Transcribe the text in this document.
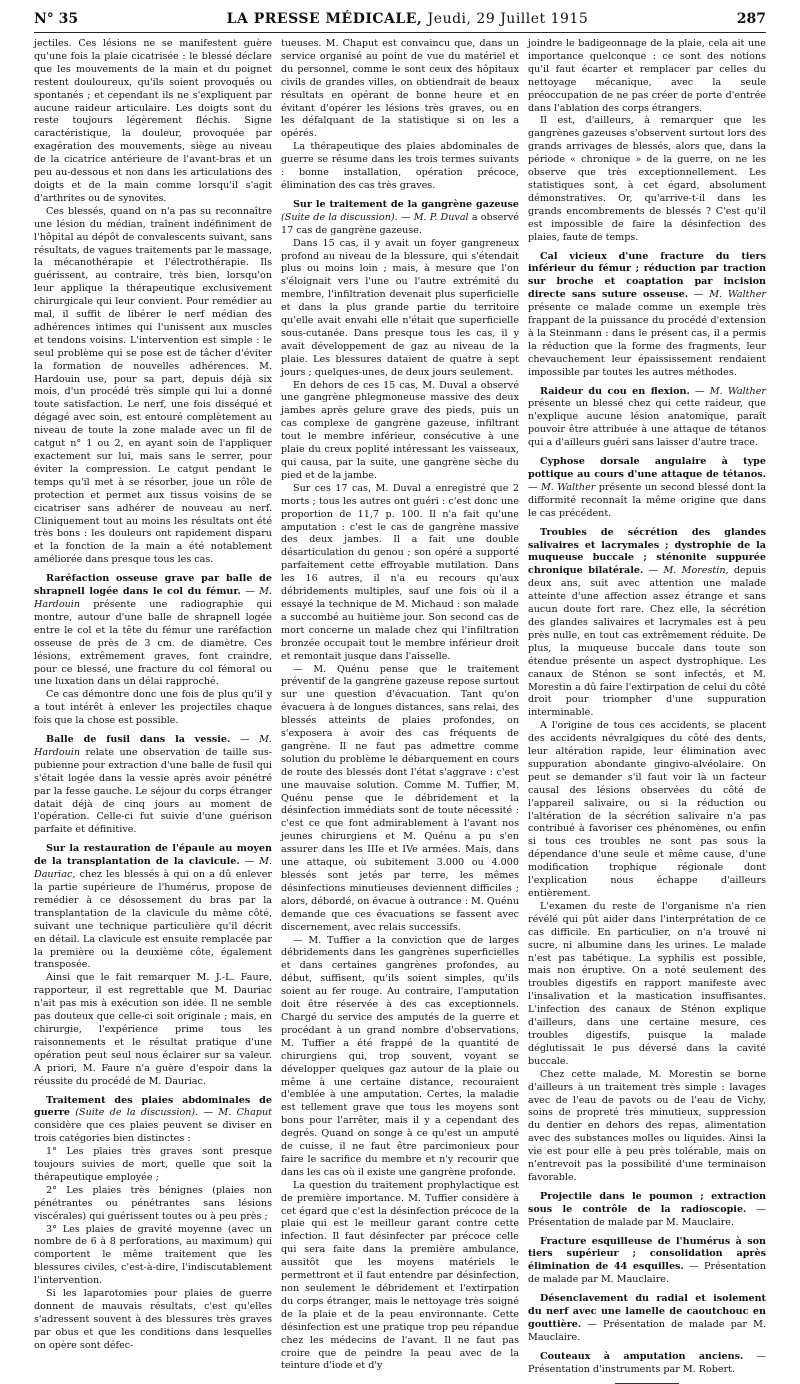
N° 35	LA PRESSE MÉDICALE, Jeudi, 29 Juillet 1915	287

jectiles. Ces lésions ne se manifestent guère qu'une fois la plaie cicatrisée : le blessé déclare que les mouvements de la main et du poignet restent douloureux, qu'ils soient provoqués ou spontanés ; et cependant ils ne s'expliquent par aucune raideur articulaire. Les doigts sont du reste toujours légèrement fléchis. Signe caractéristique, la douleur, provoquée par exagération des mouvements, siège au niveau de la cicatrice antérieure de l'avant-bras et un peu au-dessous et non dans les articulations des doigts et de la main comme lorsqu'il s'agit d'arthrites ou de synovites.

Ces blessés, quand on n'a pas su reconnaître une lésion du médian, traînent indéfiniment de l'hôpital au dépôt de convalescents suivant, sans résultats, de vagues traitements par le massage, la mécanothérapie et l'électrothérapie. Ils guérissent, au contraire, très bien, lorsqu'on leur applique la thérapeutique exclusivement chirurgicale qui leur convient. Pour remédier au mal, il suffit de libérer le nerf médian des adhérences intimes qui l'unissent aux muscles et tendons voisins. L'intervention est simple : le seul problème qui se pose est de tâcher d'éviter la formation de nouvelles adhérences. M. Hardouin use, pour sa part, depuis déjà six mois, d'un procédé très simple qui lui a donné toute satisfaction. Le nerf, une fois disséqué et dégagé avec soin, est entouré complètement au niveau de toute la zone malade avec un fil de catgut n° 1 ou 2, en ayant soin de l'appliquer exactement sur lui, mais sans le serrer, pour éviter la compression. Le catgut pendant le temps qu'il met à se résorber, joue un rôle de protection et permet aux tissus voisins de se cicatriser sans adhérer de nouveau au nerf. Cliniquement tout au moins les résultats ont été très bons : les douleurs ont rapidement disparu et la fonction de la main a été notablement améliorée dans presque tous les cas.

Raréfaction osseuse grave par balle de shrapnell logée dans le col du fémur. — M. Hardouin présente une radiographie qui montre, autour d'une balle de shrapnell logée entre le col et la tête du fémur une raréfaction osseuse de près de 3 cm. de diamètre. Ces lésions, extrêmement graves, font craindre, pour ce blessé, une fracture du col fémoral ou une luxation dans un délai rapproché.

Ce cas démontre donc une fois de plus qu'il y a tout intérêt à enlever les projectiles chaque fois que la chose est possible.

Balle de fusil dans la vessie. — M. Hardouin relate une observation de taille sus-pubienne pour extraction d'une balle de fusil qui s'était logée dans la vessie après avoir pénétré par la fesse gauche. Le séjour du corps étranger datait déjà de cinq jours au moment de l'opération. Celle-ci fut suivie d'une guérison parfaite et définitive.

Sur la restauration de l'épaule au moyen de la transplantation de la clavicule. — M. Dauriac, chez les blessés à qui on a dû enlever la partie supérieure de l'humérus, propose de remédier à ce désossement du bras par la transplantation de la clavicule du même côté, suivant une technique particulière qu'il décrit en détail. La clavicule est ensuite remplacée par la première ou la deuxième côte, également transposée.

Ainsi que le fait remarquer M. J.-L. Faure, rapporteur, il est regrettable que M. Dauriac n'ait pas mis à exécution son idée. Il ne semble pas douteux que celle-ci soit originale ; mais, en chirurgie, l'expérience prime tous les raisonnements et le résultat pratique d'une opération peut seul nous éclairer sur sa valeur. A priori, M. Faure n'a guère d'espoir dans la réussite du procédé de M. Dauriac.

Traitement des plaies abdominales de guerre (Suite de la discussion). — M. Chaput considère que ces plaies peuvent se diviser en trois catégories bien distinctes :

1° Les plaies très graves sont presque toujours suivies de mort, quelle que soit la thérapeutique employée ;

2° Les plaies très bénignes (plaies non pénétrantes ou pénétrantes sans lésions viscérales) qui guérissent toutes ou à peu près ;

3° Les plaies de gravité moyenne (avec un nombre de 6 à 8 perforations, au maximum) qui comportent le même traitement que les blessures civiles, c'est-à-dire, l'indiscutablement l'intervention.

Si les laparotomies pour plaies de guerre donnent de mauvais résultats, c'est qu'elles s'adressent souvent à des blessures très graves par obus et que les conditions dans lesquelles on opère sont défec-

tueuses. M. Chaput est convaincu que, dans un service organisé au point de vue du matériel et du personnel, comme le sont ceux des hôpitaux civils de grandes villes, on obtiendrait de beaux résultats en opérant de bonne heure et en évitant d'opérer les lésions très graves, ou en les défalquant de la statistique si on les a opérés.

La thérapeutique des plaies abdominales de guerre se résume dans les trois termes suivants : bonne installation, opération précoce, élimination des cas très graves.

Sur le traitement de la gangrène gazeuse (Suite de la discussion). — M. P. Duval a observé 17 cas de gangrène gazeuse.

Dans 15 cas, il y avait un foyer gangreneux profond au niveau de la blessure, qui s'étendait plus ou moins loin ; mais, à mesure que l'on s'éloignait vers l'une ou l'autre extrémité du membre, l'infiltration devenait plus superficielle et dans la plus grande partie du territoire qu'elle avait envahi elle n'était que superficielle sous-cutanée. Dans presque tous les cas, il y avait développement de gaz au niveau de la plaie. Les blessures dataient de quatre à sept jours ; quelques-unes, de deux jours seulement.

En dehors de ces 15 cas, M. Duval a observé une gangrène phlegmoneuse massive des deux jambes après gelure grave des pieds, puis un cas complexe de gangrène gazeuse, infiltrant tout le membre inférieur, consécutive à une plaie du creux poplité intéressant les vaisseaux, qui causa, par la suite, une gangrène sèche du pied et de la jambe.

Sur ces 17 cas, M. Duval a enregistré que 2 morts ; tous les autres ont guéri : c'est donc une proportion de 11,7 p. 100. Il n'a fait qu'une amputation : c'est le cas de gangrène massive des deux jambes. Il a fait une double désarticulation du genou ; son opéré a supporté parfaitement cette effroyable mutilation. Dans les 16 autres, il n'a eu recours qu'aux débridements multiples, sauf une fois où il a essayé la technique de M. Michaud : son malade a succombé au huitième jour. Son second cas de mort concerne un malade chez qui l'infiltration bronzée occupait tout le membre inférieur droit et remontait jusque dans l'aisselle.

— M. Quénu pense que le traitement préventif de la gangrène gazeuse repose surtout sur une question d'évacuation. Tant qu'on évacuera à de longues distances, sans relai, des blessés atteints de plaies profondes, on s'exposera à avoir des cas fréquents de gangrène. Il ne faut pas admettre comme solution du problème le débarquement en cours de route des blessés dont l'état s'aggrave : c'est une mauvaise solution. Comme M. Tuffier, M. Quénu pense que le débridement et la désinfection immédiats sont de toute nécessité : c'est ce que font admirablement à l'avant nos jeunes chirurgiens et M. Quénu a pu s'en assurer dans les IIIe et IVe armées. Mais, dans une attaque, où subitement 3.000 ou 4.000 blessés sont jetés par terre, les mêmes désinfections minutieuses deviennent difficiles ; alors, débordé, on évacue à outrance : M. Quénu demande que ces évacuations se fassent avec discernement, avec relais successifs.

— M. Tuffier a la conviction que de larges débridements dans les gangrènes superficielles et dans certaines gangrènes profondes, au début, suffisent, qu'ils soient simples, qu'ils soient au fer rouge. Au contraire, l'amputation doit être réservée à des cas exceptionnels. Chargé du service des amputés de la guerre et procédant à un grand nombre d'observations, M. Tuffier a été frappé de la quantité de chirurgiens qui, trop souvent, voyant se développer quelques gaz autour de la plaie ou même à une certaine distance, recouraient d'emblée à une amputation. Certes, la maladie est tellement grave que tous les moyens sont bons pour l'arrêter, mais il y a cependant des degrés. Quand on songe à ce qu'est un amputé de cuisse, il ne faut être parcimonieux pour faire le sacrifice du membre et n'y recourir que dans les cas où il existe une gangrène profonde.

La question du traitement prophylactique est de première importance. M. Tuffier considère à cet égard que c'est la désinfection précoce de la plaie qui est le meilleur garant contre cette infection. Il faut désinfecter par précoce celle qui sera faite dans la première ambulance, aussitôt que les moyens matériels le permettront et il faut entendre par désinfection, non seulement le débridement et l'extirpation du corps étranger, mais le nettoyage très soigné de la plaie et de la peau environnante. Cette désinfection est une pratique trop peu répandue chez les médecins de l'avant. Il ne faut pas croire que de peindre la peau avec de la teinture d'iode et d'y

joindre le badigeonnage de la plaie, cela ait une importance quelconque : ce sont des notions qu'il faut écarter et remplacer par celles du nettoyage mécanique, avec la seule préoccupation de ne pas créer de porte d'entrée dans l'ablation des corps étrangers.

Il est, d'ailleurs, à remarquer que les gangrènes gazeuses s'observent surtout lors des grands arrivages de blessés, alors que, dans la période « chronique » de la guerre, on ne les observe que très exceptionnellement. Les statistiques sont, à cet égard, absolument démonstratives. Or, qu'arrive-t-il dans les grands encombrements de blessés ? C'est qu'il est impossible de faire la désinfection des plaies, faute de temps.

Cal vicieux d'une fracture du tiers inférieur du fémur ; réduction par traction sur broche et coaptation par incision directe sans suture osseuse. — M. Walther présente ce malade comme un exemple très frappant de la puissance du procédé d'extension à la Steinmann : dans le présent cas, il a permis la réduction que la forme des fragments, leur chevauchement leur épaississement rendaient impossible par toutes les autres méthodes.

Raideur du cou en flexion. — M. Walther présente un blessé chez qui cette raideur, que n'explique aucune lésion anatomique, paraît pouvoir être attribuée à une attaque de tétanos qui a d'ailleurs guéri sans laisser d'autre trace.

Cyphose dorsale angulaire à type pottique au cours d'une attaque de tétanos. — M. Walther présente un second blessé dont la difformité reconnaît la même origine que dans le cas précédent.

Troubles de sécrétion des glandes salivaires et lacrymales ; dystrophie de la muqueuse buccale ; sténonite suppurée chronique bilatérale. — M. Morestin, depuis deux ans, suit avec attention une malade atteinte d'une affection assez étrange et sans aucun doute fort rare. Chez elle, la sécrétion des glandes salivaires et lacrymales est à peu près nulle, en tout cas extrêmement réduite. De plus, la muqueuse buccale dans toute son étendue présente un aspect dystrophique. Les canaux de Sténon se sont infectés, et M. Morestin a dû faire l'extirpation de celui du côté droit pour triompher d'une suppuration interminable.

A l'origine de tous ces accidents, se placent des accidents névralgiques du côté des dents, leur altération rapide, leur élimination avec suppuration abondante gingivo-alvéolaire. On peut se demander s'il faut voir là un facteur causal des lésions observées du côté de l'appareil salivaire, ou si la réduction ou l'altération de la sécrétion salivaire n'a pas contribué à favoriser ces phénomènes, ou enfin si tous ces troubles ne sont pas sous la dépendance d'une seule et même cause, d'une modification trophique régionale dont l'explication nous échappe d'ailleurs entièrement.

L'examen du reste de l'organisme n'a rien révélé qui pût aider dans l'interprétation de ce cas difficile. En particulier, on n'a trouvé ni sucre, ni albumine dans les urines. Le malade n'est pas tabétique. La syphilis est possible, mais non éruptive. On a noté seulement des troubles digestifs en rapport manifeste avec l'insalivation et la mastication insuffisantes. L'infection des canaux de Sténon explique d'ailleurs, dans une certaine mesure, ces troubles digestifs, puisque la malade déglutissait le pus déversé dans la cavité buccale.

Chez cette malade, M. Morestin se borne d'ailleurs à un traitement très simple : lavages avec de l'eau de pavots ou de l'eau de Vichy, soins de propreté très minutieux, suppression du dentier en dehors des repas, alimentation avec des substances molles ou liquides. Ainsi la vie est pour elle à peu près tolérable, mais on n'entrevoit pas la possibilité d'une terminaison favorable.

Projectile dans le poumon ; extraction sous le contrôle de la radioscopie. — Présentation de malade par M. Mauclaire.

Fracture esquilleuse de l'humérus à son tiers supérieur ; consolidation après élimination de 44 esquilles. — Présentation de malade par M. Mauclaire.

Désenclavement du radial et isolement du nerf avec une lamelle de caoutchouc en gouttière. — Présentation de malade par M. Mauclaire.

Couteaux à amputation anciens. — Présentation d'instruments par M. Robert.
